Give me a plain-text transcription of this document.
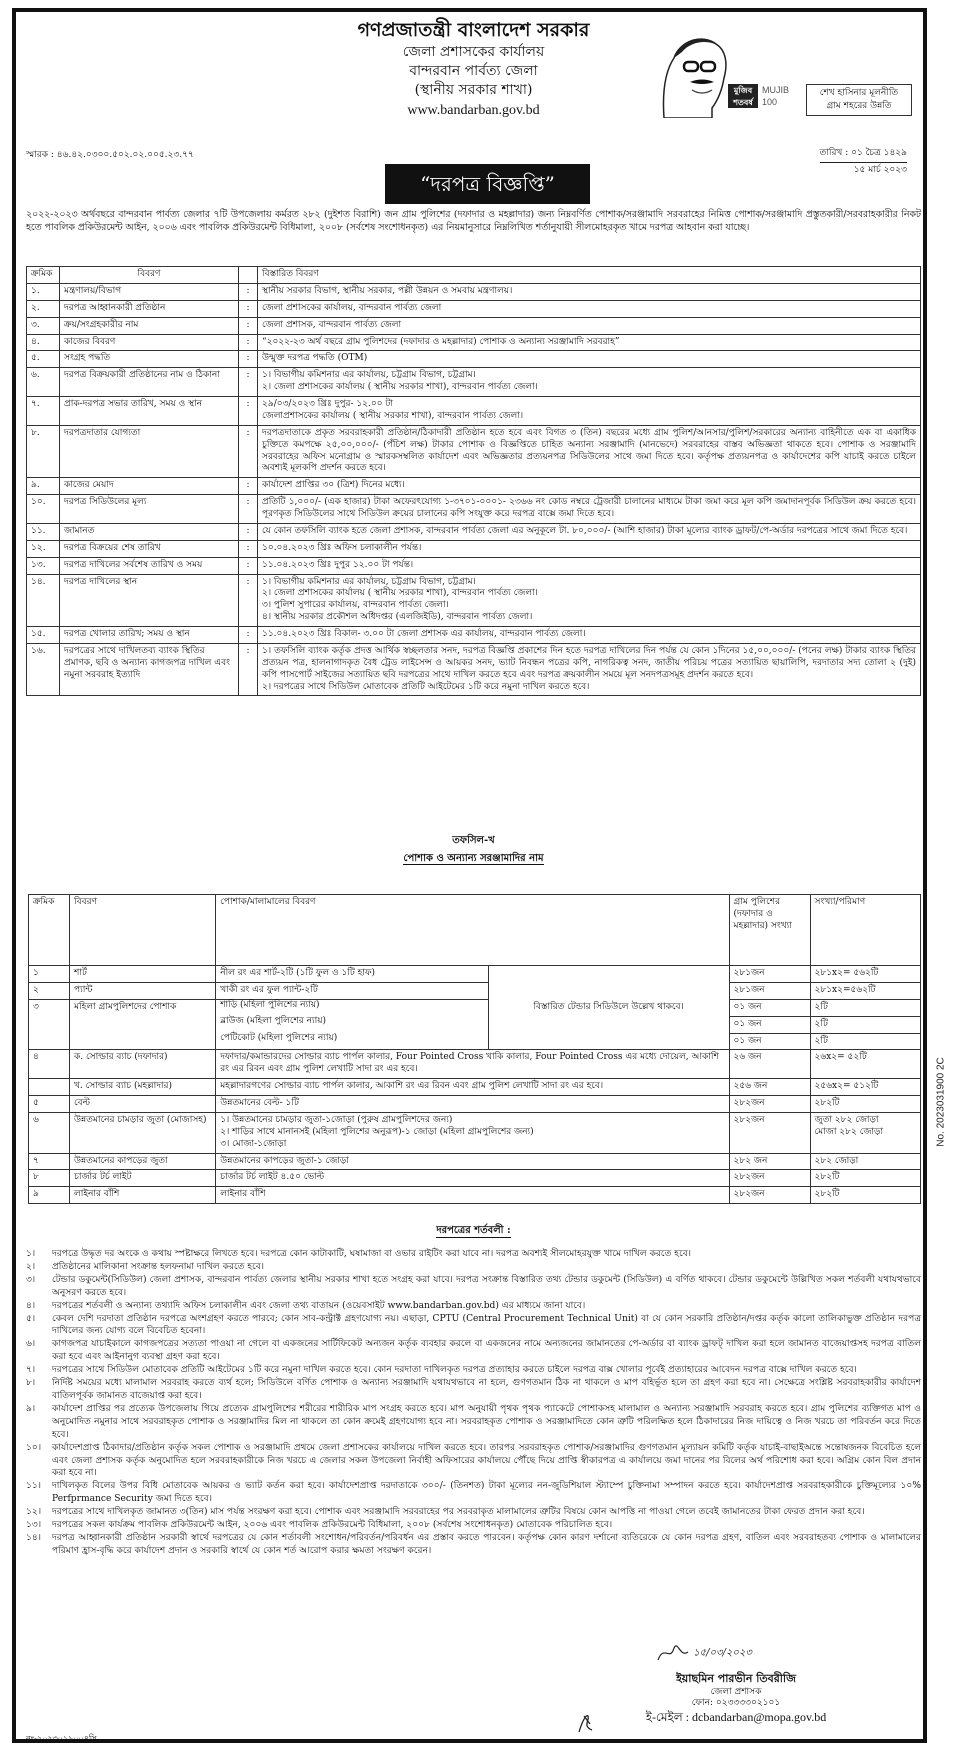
গণপ্রজাতন্ত্রী বাংলাদেশ সরকার
জেলা প্রশাসকের কার্যালয়
বান্দরবান পার্বত্য জেলা
(স্থানীয় সরকার শাখা)
www.bandarban.gov.bd
মুজিব শতবর্ষ
MUJIB 100
শেখ হাসিনার মূলনীতি
গ্রাম শহরের উন্নতি
স্মারক : ৪৬.৪২.০৩০০.৫০২.০২.০০৫.২৩.৭৭	তারিখ : ০১ চৈত্র ১৪২৯
১৫ মার্চ ২০২৩
“দরপত্র বিজ্ঞপ্তি”
২০২২-২০২৩ অর্থবছরে বান্দরবান পার্বত্য জেলার ৭টি উপজেলায় কর্মরত ২৮২ (দুইশত বিরাশি) জন গ্রাম পুলিশের (দফাদার ও মহল্লাদার) জন্য নিম্নবর্ণিত পোশাক/সরঞ্জামাদি সরবরাহের নিমিত্ত পোশাক/সরঞ্জামাদি প্রস্তুতকারী/সরবরাহকারীর নিকট হতে পাবলিক প্রকিউরমেন্ট আইন, ২০০৬ এবং পাবলিক প্রকিউরমেন্ট বিধিমালা, ২০০৮ (সর্বশেষ সংশোধনকৃত) এর নিয়মানুসারে নিম্নলিখিত শর্তানুযায়ী সীলমোহরকৃত খামে দরপত্র আহবান করা যাচ্ছে।
ক্রমিক	বিবরণ		বিস্তারিত বিবরণ
১.	মন্ত্রণালয়/বিভাগ	:	স্থানীয় সরকার বিভাগ, স্থানীয় সরকার, পল্লী উন্নয়ন ও সমবায় মন্ত্রণালয়।
২.	দরপত্র আহ্বানকারী প্রতিষ্ঠান	:	জেলা প্রশাসকের কার্যালয়, বান্দরবান পার্বত্য জেলা
৩.	ক্রয়/সংগ্রহকারীর নাম	:	জেলা প্রশাসক, বান্দরবান পার্বত্য জেলা
৪.	কাজের বিবরণ	:	“২০২২-২৩ অর্থ বছরে গ্রাম পুলিশদের (দফাদার ও মহল্লাদার) পোশাক ও অন্যান্য সরঞ্জামাদি সরবরাহ”
৫.	সংগ্রহ পদ্ধতি	:	উন্মুক্ত দরপত্র পদ্ধতি (OTM)
৬.	দরপত্র বিক্রয়কারী প্রতিষ্ঠানের নাম ও ঠিকানা	:	১। বিভাগীয় কমিশনার এর কার্যালয়, চট্টগ্রাম বিভাগ, চট্টগ্রাম।
২। জেলা প্রশাসকের কার্যালয় ( স্থানীয় সরকার শাখা), বান্দরবান পার্বত্য জেলা।
৭.	প্রাক-দরপত্র সভার তারিখ, সময় ও স্থান	:	২৯/০৩/২০২৩ খ্রিঃ দুপুর- ১২.০০ টা
জেলাপ্রশাসকের কার্যালয় ( স্থানীয় সরকার শাখা), বান্দরবান পার্বত্য জেলা।
৮.	দরপত্রদাতার যোগ্যতা	:	দরপত্রদাতাকে প্রকৃত সরবরাহকারী প্রতিষ্ঠান/ঠিকাদারী প্রতিষ্ঠান হতে হবে এবং বিগত ৩ (তিন) বছরের মধ্যে গ্রাম পুলিশ/আনসার/পুলিশ/সরকারের অন্যান্য বাহিনীতে এক বা একাধিক চুক্তিতে কমপক্ষে ২৫,০০,০০০/- (পঁচিশ লক্ষ) টাকার পোশাক ও বিজ্ঞপ্তিতে চাহিত অন্যান্য সরঞ্জামাদি (মানভেদে) সরবরাহের বাস্তব অভিজ্ঞতা থাকতে হবে। পোশাক ও সরঞ্জামাদি সরবরাহের অফিস মনোগ্রাম ও স্মারকসম্বলিত কার্যাদেশ এবং অভিজ্ঞতার প্রত্যয়নপত্র সিডিউলের সাথে জমা দিতে হবে। কর্তৃপক্ষ প্রত্যয়নপত্র ও কার্যাদেশের কপি যাচাই করতে চাইলে অবশ্যই মূলকপি প্রদর্শন করতে হবে।
৯.	কাজের মেয়াদ	:	কার্যাদেশ প্রাপ্তির ৩০ (ত্রিশ) দিনের মধ্যে।
১০.	দরপত্র সিডিউলের মূল্য	:	প্রতিটি ১,০০০/- (এক হাজার) টাকা অফেরৎযোগ্য ১-৩৭০১-০০০১- ২৩৬৬ নং কোড নম্বরে ট্রেজারী চালানের মাধ্যমে টাকা জমা করে মূল কপি জমাদানপূর্বক সিডিউল ক্রয় করতে হবে। পূরণকৃত সিডিউলের সাথে সিডিউল ক্রয়ের চালানের কপি সংযুক্ত করে দরপত্র বাক্সে জমা দিতে হবে।
১১.	জামানত	:	যে কোন তফসিলি ব্যাংক হতে জেলা প্রশাসক, বান্দরবান পার্বত্য জেলা এর অনুকূলে টা. ৮০,০০০/- (আশি হাজার) টাকা মূল্যের ব্যাংক ড্রাফট/পে-অর্ডার দরপত্রের সাথে জমা দিতে হবে।
১২.	দরপত্র বিক্রয়ের শেষ তারিখ	:	১০.০৪.২০২৩ খ্রিঃ অফিস চলাকালীন পর্যন্ত।
১৩.	দরপত্র দাখিলের সর্বশেষ তারিখ ও সময়	:	১১.০৪.২০২৩ খ্রিঃ দুপুর ১২.০০ টা পর্যন্ত।
১৪.	দরপত্র দাখিলের স্থান	:	১। বিভাগীয় কমিশনার এর কার্যালয়, চট্টগ্রাম বিভাগ, চট্টগ্রাম।
২। জেলা প্রশাসকের কার্যালয় ( স্থানীয় সরকার শাখা), বান্দরবান পার্বত্য জেলা।
৩। পুলিশ সুপারের কার্যালয়, বান্দরবান পার্বত্য জেলা।
৪। স্থানীয় সরকার প্রকৌশল অধিদপ্তর (এলজিইডি), বান্দরবান পার্বত্য জেলা।
১৫.	দরপত্র খোলার তারিখ; সময় ও স্থান	:	১১.০৪.২০২৩ খ্রিঃ বিকাল- ৩.০০ টা জেলা প্রশাসক এর কার্যালয়, বান্দরবান পার্বত্য জেলা।
১৬.	দরপত্রের সাথে দাখিলতব্য ব্যাংক স্থিতির প্রমাণক, ছবি ও অন্যান্য কাগজপত্র দাখিল এবং নমুনা সরবরাহ ইত্যাদি	:	১। তফসিলি ব্যাংক কর্তৃক প্রদত্ত আর্থিক স্বচ্ছলতার সনদ, দরপত্র বিজ্ঞপ্তি প্রকাশের দিন হতে দরপত্র দাখিলের দিন পর্যন্ত যে কোন ১দিনের ১৫,০০,০০০/- (পনের লক্ষ) টাকার ব্যাংক স্থিতির প্রত্যয়ন পত্র, হালনাগাদকৃত বৈধ ট্রেড লাইসেন্স ও আয়কর সনদ, ভ্যাট নিবন্ধন পত্রের কপি, নাগরিকত্ব সনদ, জাতীয় পরিচয় পত্রের সত্যায়িত ছায়ালিপি, দরদাতার সদ্য তোলা ২ (দুই) কপি পাসপোর্ট সাইজের সত্যায়িত ছবি দরপত্রের সাথে দাখিল করতে হবে এবং দরপত্র ক্রয়কালীন সময়ে মূল সনদপত্রসমূহ প্রদর্শন করতে হবে।
২। দরপত্রের সাথে সিডিউল মোতাবেক প্রতিটি আইটেমের ১টি করে নমুনা দাখিল করতে হবে।
তফসিল-খ
পোশাক ও অন্যান্য সরঞ্জামাদির নাম
ক্রমিক	বিবরণ	পোশাক/মালামালের বিবরণ		গ্রাম পুলিশের (দফাদার ও মহল্লাদার) সংখ্যা	সংখ্যা/পরিমাণ
১	শার্ট	নীল রং এর শার্ট-২টি (১টি ফুল ও ১টি হাফ)	বিস্তারিত টেন্ডার সিডিউলে উল্লেখ থাকবে।	২৮১জন	২৮১x২= ৫৬২টি
২	প্যান্ট	খাকী রং এর ফুল প্যান্ট-২টি		২৮১জন	২৮১x২=৫৬২টি
৩	মহিলা গ্রামপুলিশদের পোশাক	শাড়ি (মহিলা পুলিশের ন্যায়)		০১ জন	২টি
		ব্লাউজ (মহিলা পুলিশের ন্যায়)		০১ জন	২টি
		পেটিকোট (মহিলা পুলিশের ন্যায়)		০১ জন	২টি
৪	ক. সোল্ডার ব্যাচ (দফাদার)	দফাদার/কমান্ডারদের সোল্ডার ব্যাচ পার্পল কালার, Four Pointed Cross খাকি কালার, Four Pointed Cross এর মধ্যে দোয়েল, আকাশি রং এর রিবন এবং গ্রাম পুলিশ লেখাটি সাদা রং এর হবে।		২৬ জন	২৬x২= ৫২টি
	খ. সোল্ডার ব্যাচ (মহল্লাদার)	মহল্লাদারগণের সোল্ডার ব্যাচ পার্পল কালার, আকাশি রং এর রিবন এবং গ্রাম পুলিশ লেখাটি সাদা রং এর হবে।		২৫৬ জন	২৫৬x২= ৫১২টি
৫	বেল্ট	উন্নতমানের বেল্ট- ১টি		২৮২জন	২৮২টি
৬	উন্নতমানের চামড়ার জুতা (মোজাসহ)	১। উন্নতমানের চামড়ার জুতা-১জোড়া (পুরুষ গ্রামপুলিশদের জন্য)
২। শাড়ির সাথে মানানসই (মহিলা পুলিশের অনুরূপ)-১ জোড়া (মহিলা গ্রামপুলিশের জন্য)
৩। মোজা-১জোড়া		২৮২জন	জুতা ২৮২ জোড়া
মোজা ২৮২ জোড়া
৭	উন্নতমানের কাপড়ের জুতা	উন্নতমানের কাপড়ের জুতা-১ জোড়া		২৮২ জন	২৮২ জোড়া
৮	চার্জার টর্চ লাইট	চার্জার টর্চ লাইট ৪.৫০ ভোল্ট		২৮২জন	২৮২টি
৯	লাইনার বাঁশি	লাইনার বাঁশি		২৮২জন	২৮২টি
দরপত্রের শর্তবলী :
১। দরপত্রে উদ্ধৃত দর অংকে ও কথায় স্পষ্টাক্ষরে লিখতে হবে। দরপত্রে কোন কাটাকাটি, ঘষামাজা বা ওভার রাইটিং করা যাবে না। দরপত্র অবশ্যই সীলমোহরযুক্ত খামে দাখিল করতে হবে।
২। প্রতিষ্ঠানের মালিকানা সংক্রান্ত হলফনামা দাখিল করতে হবে।
৩। টেন্ডার ডকুমেন্ট(সিডিউল) জেলা প্রশাসক, বান্দরবান পার্বত্য জেলার স্থানীয় সরকার শাখা হতে সংগ্রহ করা যাবে। দরপত্র সংক্রান্ত বিস্তারিত তথ্য টেন্ডার ডকুমেন্ট (সিডিউল) এ বর্ণিত থাকবে। টেন্ডার ডকুমেন্টে উল্লিখিত সকল শর্তবলী যথাযথভাবে অনুসরণ করতে হবে।
৪। দরপত্রের শর্তবলী ও অন্যান্য তথ্যাদি অফিস চলাকালীন এবং জেলা তথ্য বাতায়ন (ওয়েবসাইট www.bandarban.gov.bd) এর মাধ্যমে জানা যাবে।
৫। কেবল দেশি দরদাতা প্রতিষ্ঠান দরপত্রে অংশগ্রহণ করতে পারবে; কোন সাব-কন্ট্রাক্ট গ্রহণযোগ্য নয়। এছাড়া, CPTU (Central Procurement Technical Unit) বা যে কোন সরকারি প্রতিষ্ঠান/দপ্তর কর্তৃক কালো তালিকাভুক্ত প্রতিষ্ঠান দরপত্র দাখিলের জন্য যোগ্য বলে বিবেচিত হবেনা।
৬। কাগজপত্র যাচাইকালে কাগজপত্রের সত্যতা পাওয়া না গেলে বা একজনের সার্টিফিকেট অন্যজন কর্তৃক ব্যবহার করলে বা একজনের নামে অন্যজনের জামানতের পে-অর্ডার বা ব্যাংক ড্রাফট্ দাখিল করা হলে জামানত বাজেয়াপ্তসহ দরপত্র বাতিল করা হবে এবং আইনানুগ ব্যবস্থা গ্রহণ করা হবে।
৭। দরপত্রের সাথে সিডিউল মোতাবেক প্রতিটি আইটেমের ১টি করে নমুনা দাখিল করতে হবে। কোন দরদাতা দাখিলকৃত দরপত্র প্রত্যাহার করতে চাইলে দরপত্র বাক্স খোলার পূর্বেই প্রত্যাহারের আবেদন দরপত্র বাক্সে দাখিল করতে হবে।
৮। নির্দিষ্ট সময়ের মধ্যে মালামাল সরবরাহ করতে ব্যর্থ হলে; সিডিউলে বর্ণিত পোশাক ও অন্যান্য সরঞ্জামাদি যথাযথভাবে না হলে, গুণগতমান ঠিক না থাকলে ও মাপ বহির্ভূত হলে তা গ্রহণ করা হবে না। সেক্ষেত্রে সংশ্লিষ্ট সরবরাহকারীর কার্যাদেশ বাতিলপূর্বক জামানত বাজেয়াপ্ত করা হবে।
৯। কার্যাদেশ প্রাপ্তির পর প্রত্যেক উপজেলায় গিয়ে প্রত্যেক গ্রামপুলিশের শরীরের শারীরিক মাপ সংগ্রহ করতে হবে। মাপ অনুযায়ী পৃথক পৃথক প্যাকেটে পোশাকসহ মালামাল ও অন্যান্য সরঞ্জামাদি সরবরাহ করতে হবে। গ্রাম পুলিশের ব্যক্তিগত মাপ ও অনুমোদিত নমুনার সাথে সরবরাহকৃত পোশাক ও সরঞ্জামাদির মিল না থাকলে তা কোন ক্রমেই গ্রহণযোগ্য হবে না। সরবরাহকৃত পোশাক ও সরঞ্জামাদিতে কোন ত্রুটি পরিলক্ষিত হলে ঠিকাদারের নিজ দায়িত্বে ও নিজ খরচে তা পরিবর্তন করে দিতে হবে।
১০। কার্যাদেশপ্রাপ্ত ঠিকাদার/প্রতিষ্ঠান কর্তৃক সকল পোশাক ও সরঞ্জামাদি প্রথমে জেলা প্রশাসকের কার্যালয়ে দাখিল করতে হবে। তারপর সরবরাহকৃত পোশাক/সরঞ্জামাদির গুণগতমান মূল্যায়ন কমিটি কর্তৃক যাচাই-বাছাইঅন্তে সন্তোষজনক বিবেচিত হলে এবং জেলা প্রশাসক কর্তৃক অনুমোদিত হলে সরবরাহকারীকে নিজ খরচে এ জেলার সকল উপজেলা নির্বাহী অফিসারের কার্যালয়ে পৌঁছে দিয়ে প্রাপ্তি স্বীকারপত্র এ কার্যালয়ে জমা দানের পর বিলের অর্থ পরিশোধ করা হবে। অগ্রিম কোন বিল প্রদান করা হবে না।
১১। দাখিলকৃত বিলের উপর বিধি মোতাবেক আয়কর ও ভ্যাট কর্তন করা হবে। কার্যাদেশপ্রাপ্ত দরদাতাকে ৩০০/- (তিনশত) টাকা মূল্যের নন-জুডিশিয়াল স্ট্যাম্পে চুক্তিনামা সম্পাদন করতে হবে। কার্যাদেশপ্রাপ্ত সরবরাহকারীকে চুক্তিমূল্যের ১০% Perfprmance Security জমা দিতে হবে।
১২। দরপত্রের সাথে দাখিলকৃত জামানত ৩(তিন) মাস পর্যন্ত সংরক্ষণ করা হবে। পোশাক এবং সরঞ্জামাদি সরবরাহের পর সরবরাকৃত মালামালের ত্রুটির বিষয়ে কোন আপত্তি না পাওয়া গেলে তবেই জামানতের টাকা ফেরত প্রদান করা হবে।
১৩। দরপত্রের সকল কার্যক্রম পাবলিক প্রকিউরমেন্ট আইন, ২০০৬ এবং পাবলিক প্রকিউরমেন্ট বিধিমালা, ২০০৮ (সর্বশেষ সংশোধনকৃত) মোতাবেক পরিচালিত হবে।
১৪। দরপত্র আহ্বানকারী প্রতিষ্ঠান সরকারী স্বার্থে দরপত্রের যে কোন শর্তাবলী সংশোধন/পরিবর্তন/পরিবর্ধন এর প্রস্তাব করতে পারবেন। কর্তৃপক্ষ কোন কারণ দর্শানো ব্যতিরেকে যে কোন দরপত্র গ্রহণ, বাতিল এবং সরবরাহতব্য পোশাক ও মালামালের পরিমাণ হ্রাস-বৃদ্ধি করে কার্যাদেশ প্রদান ও সরকারি স্বার্থে যে কোন শর্ত আরোপ করার ক্ষমতা সংরক্ষণ করেন।
১৫/০৩/২০২৩
ইয়াছমিন পারভীন তিবরীজি
জেলা প্রশাসক
ফোন: ০২৩৩৩৩০২১০১
ই-মেইল : dcbandarban@mopa.gov.bd
নং-২০২৩০১৯০০৪সি
No. 2023031900 2C
